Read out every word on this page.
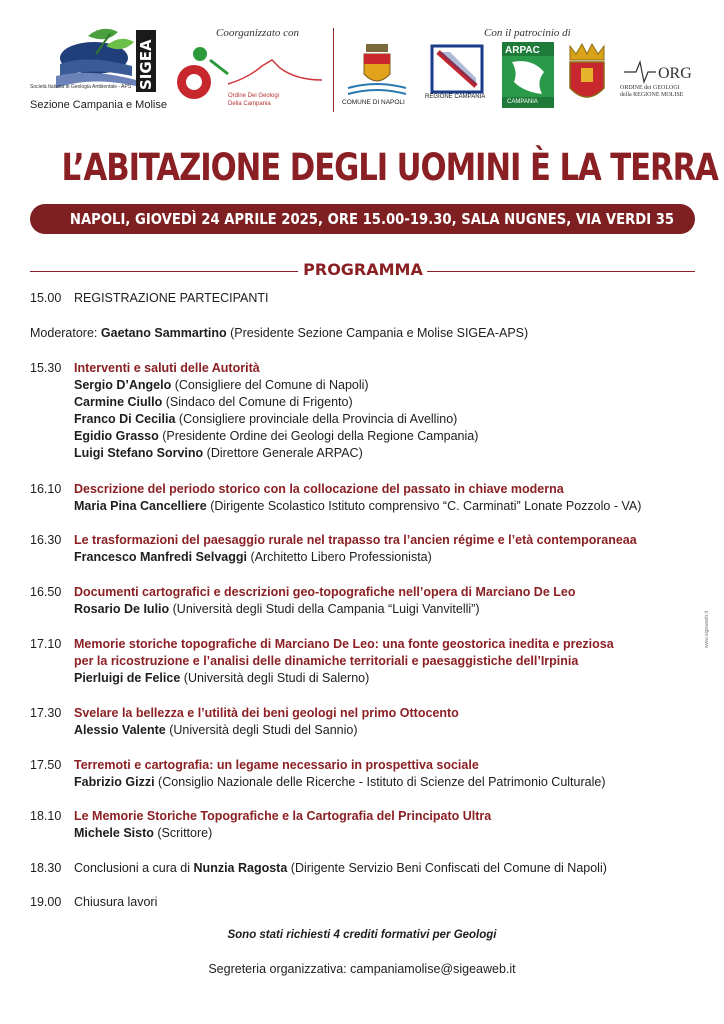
SIGEA
Società Italiana di Geologia Ambientale - APS
Sezione Campania e Molise
Coorganizzato con
Ordine Dei Geologi
Della Campania
Con il patrocinio di
COMUNE DI NAPOLI
REGIONE CAMPANIA
ARPAC
CAMPANIA
ORG
ORDINE dei GEOLOGI
della REGIONE MOLISE
L’ABITAZIONE DEGLI UOMINI È LA TERRA
NAPOLI, GIOVEDÌ 24 APRILE 2025, ORE 15.00-19.30, SALA NUGNES, VIA VERDI 35
PROGRAMMA
15.00 REGISTRAZIONE PARTECIPANTI
Moderatore: Gaetano Sammartino (Presidente Sezione Campania e Molise SIGEA-APS)
15.30 Interventi e saluti delle Autorità
Sergio D’Angelo (Consigliere del Comune di Napoli)
Carmine Ciullo (Sindaco del Comune di Frigento)
Franco Di Cecilia (Consigliere provinciale della Provincia di Avellino)
Egidio Grasso (Presidente Ordine dei Geologi della Regione Campania)
Luigi Stefano Sorvino (Direttore Generale ARPAC)
16.10 Descrizione del periodo storico con la collocazione del passato in chiave moderna
Maria Pina Cancelliere (Dirigente Scolastico Istituto comprensivo “C. Carminati” Lonate Pozzolo - VA)
16.30 Le trasformazioni del paesaggio rurale nel trapasso tra l’ancien régime e l’età contemporaneaa
Francesco Manfredi Selvaggi (Architetto Libero Professionista)
16.50 Documenti cartografici e descrizioni geo-topografiche nell’opera di Marciano De Leo
Rosario De Iulio (Università degli Studi della Campania “Luigi Vanvitelli”)
17.10 Memorie storiche topografiche di Marciano De Leo: una fonte geostorica inedita e preziosa
per la ricostruzione e l’analisi delle dinamiche territoriali e paesaggistiche dell’Irpinia
Pierluigi de Felice (Università degli Studi di Salerno)
17.30 Svelare la bellezza e l’utilità dei beni geologi nel primo Ottocento
Alessio Valente (Università degli Studi del Sannio)
17.50 Terremoti e cartografia: un legame necessario in prospettiva sociale
Fabrizio Gizzi (Consiglio Nazionale delle Ricerche - Istituto di Scienze del Patrimonio Culturale)
18.10 Le Memorie Storiche Topografiche e la Cartografia del Principato Ultra
Michele Sisto (Scrittore)
18.30 Conclusioni a cura di Nunzia Ragosta (Dirigente Servizio Beni Confiscati del Comune di Napoli)
19.00 Chiusura lavori
Sono stati richiesti 4 crediti formativi per Geologi
Segreteria organizzativa: campaniamolise@sigeaweb.it
www.sigeaweb.it
